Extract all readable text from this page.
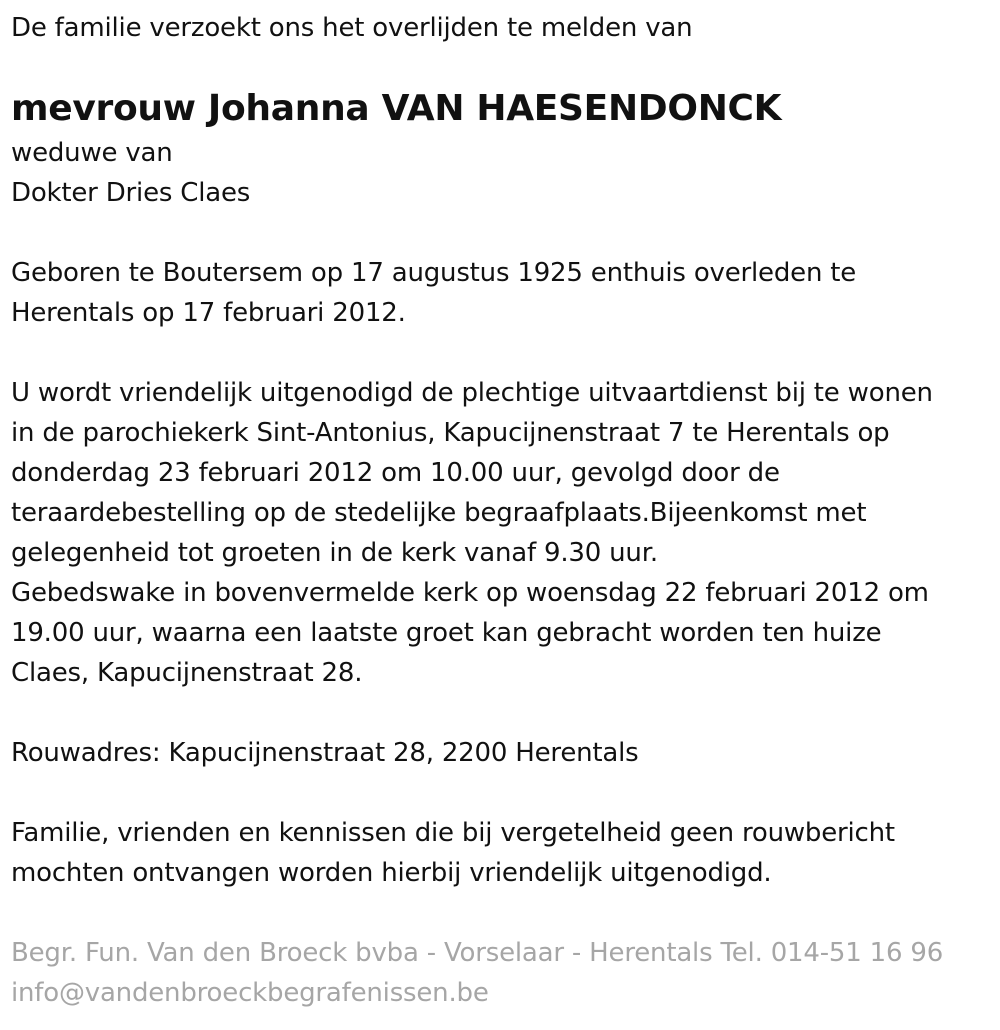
De familie verzoekt ons het overlijden te melden van
mevrouw Johanna VAN HAESENDONCK
weduwe van
Dokter Dries Claes
Geboren te Boutersem op 17 augustus 1925 enthuis overleden te
Herentals op 17 februari 2012.
U wordt vriendelijk uitgenodigd de plechtige uitvaartdienst bij te wonen
in de parochiekerk Sint-Antonius, Kapucijnenstraat 7 te Herentals op
donderdag 23 februari 2012 om 10.00 uur, gevolgd door de
teraardebestelling op de stedelijke begraafplaats.Bijeenkomst met
gelegenheid tot groeten in de kerk vanaf 9.30 uur.
Gebedswake in bovenvermelde kerk op woensdag 22 februari 2012 om
19.00 uur, waarna een laatste groet kan gebracht worden ten huize
Claes, Kapucijnenstraat 28.
Rouwadres: Kapucijnenstraat 28, 2200 Herentals
Familie, vrienden en kennissen die bij vergetelheid geen rouwbericht
mochten ontvangen worden hierbij vriendelijk uitgenodigd.
Begr. Fun. Van den Broeck bvba - Vorselaar - Herentals Tel. 014-51 16 96
info@vandenbroeckbegrafenissen.be
